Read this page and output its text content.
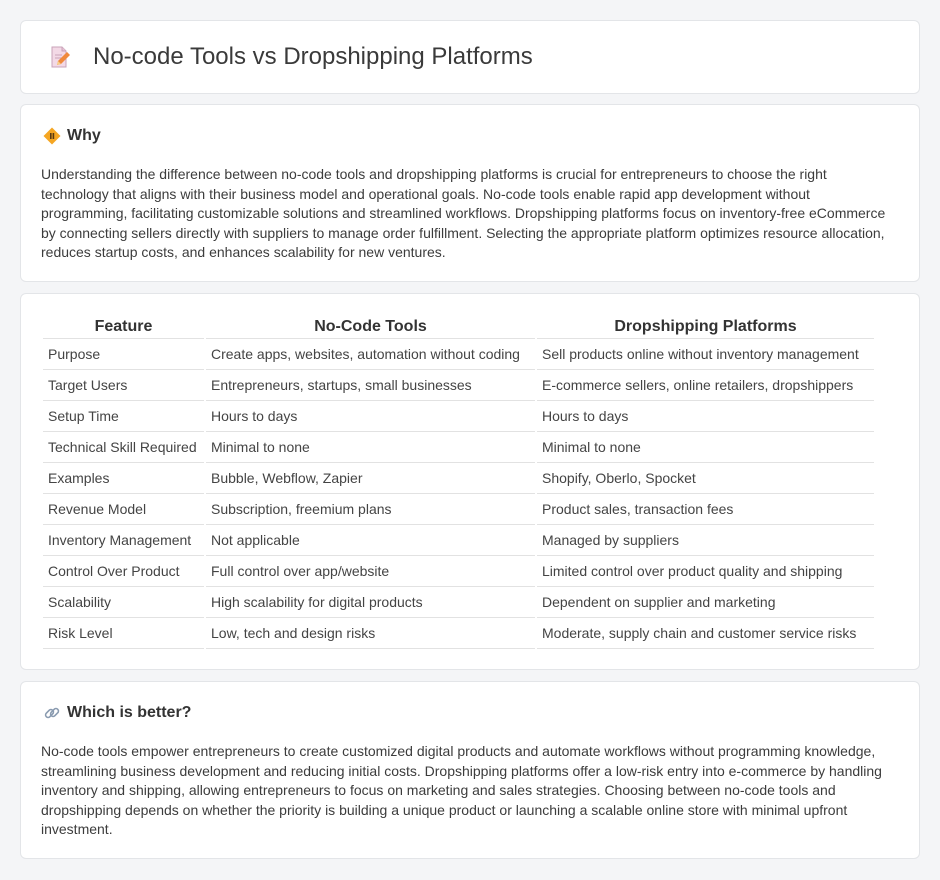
No-code Tools vs Dropshipping Platforms
Why

Understanding the difference between no-code tools and dropshipping platforms is crucial for entrepreneurs to choose the right technology that aligns with their business model and operational goals. No-code tools enable rapid app development without programming, facilitating customizable solutions and streamlined workflows. Dropshipping platforms focus on inventory-free eCommerce by connecting sellers directly with suppliers to manage order fulfillment. Selecting the appropriate platform optimizes resource allocation, reduces startup costs, and enhances scalability for new ventures.

Feature	No-Code Tools	Dropshipping Platforms
Purpose	Create apps, websites, automation without coding	Sell products online without inventory management
Target Users	Entrepreneurs, startups, small businesses	E-commerce sellers, online retailers, dropshippers
Setup Time	Hours to days	Hours to days
Technical Skill Required	Minimal to none	Minimal to none
Examples	Bubble, Webflow, Zapier	Shopify, Oberlo, Spocket
Revenue Model	Subscription, freemium plans	Product sales, transaction fees
Inventory Management	Not applicable	Managed by suppliers
Control Over Product	Full control over app/website	Limited control over product quality and shipping
Scalability	High scalability for digital products	Dependent on supplier and marketing
Risk Level	Low, tech and design risks	Moderate, supply chain and customer service risks
Which is better?

No-code tools empower entrepreneurs to create customized digital products and automate workflows without programming knowledge, streamlining business development and reducing initial costs. Dropshipping platforms offer a low-risk entry into e-commerce by handling inventory and shipping, allowing entrepreneurs to focus on marketing and sales strategies. Choosing between no-code tools and dropshipping depends on whether the priority is building a unique product or launching a scalable online store with minimal upfront investment.
